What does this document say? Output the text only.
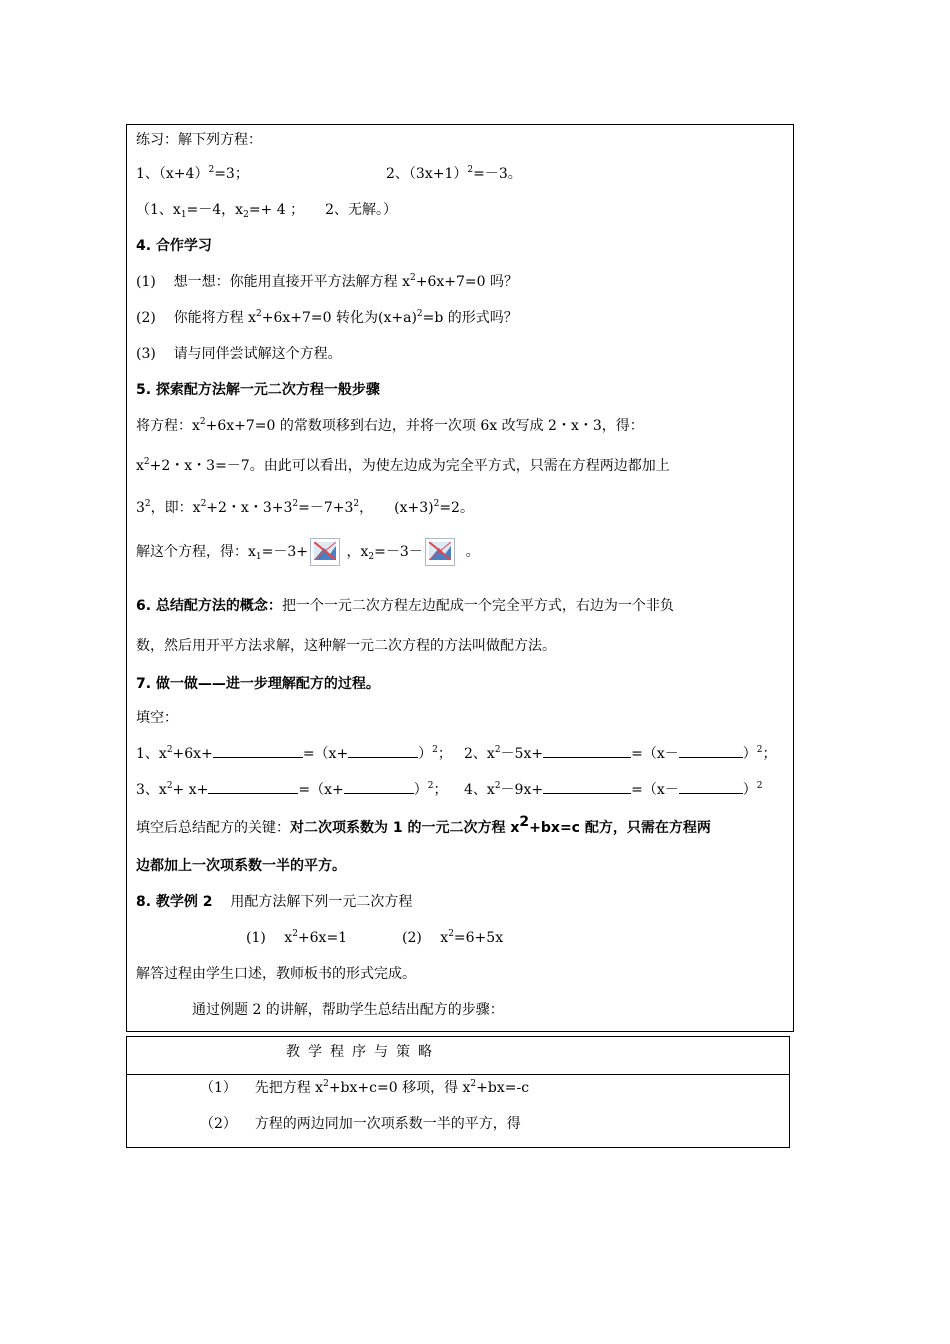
练习：解下列方程：
1、$(x+4)^2=3$；	2、$(3x+1)^2=-3$。
（1、$x_1=-4$，$x_2=+ 4$ ；　　2、无解。）
4. 合作学习
(1) 想一想：你能用直接开平方法解方程 $x^2+6x+7=0$ 吗？
(2) 你能将方程 $x^2+6x+7=0$ 转化为$(x+a)^2=b$ 的形式吗？
(3) 请与同伴尝试解这个方程。
5. 探索配方法解一元二次方程一般步骤
将方程：$x^2+6x+7=0$ 的常数项移到右边，并将一次项 6x 改写成 2・x・3，得：
$x^2+2$・x・3=－7。由此可以看出，为使左边成为完全平方式，只需在方程两边都加上
$3^2$，即：$x^2+2$・x・$3+3^2=-7+3^2$，　　$(x+3)^2=2$。
解这个方程，得：$x_1=-3+$	，$x_2=-3-$	。
6. 总结配方法的概念：把一个一元二次方程左边配成一个完全平方式，右边为一个非负
数，然后用开平方法求解，这种解一元二次方程的方法叫做配方法。
7. 做一做——进一步理解配方的过程。
填空：
1、$x^2+6x+$	=（x+	）$^2$； 2、$x^2-5x+$	=（x－	）$^2$；
3、$x^2+ x+$	=（x+	）$^2$； 4、$x^2-9x+$	=（x－	）$^2$
填空后总结配方的关键：对二次项系数为 1 的一元二次方程 $x^2+bx=c$ 配方，只需在方程两
边都加上一次项系数一半的平方。
8. 教学例 2 用配方法解下列一元二次方程
(1)　 $x^2+6x=1$	(2)　 $x^2=6+5x$
解答过程由学生口述，教师板书的形式完成。
通过例题 2 的讲解，帮助学生总结出配方的步骤：
教学程序与策略
（1） 先把方程 $x^2+bx+c=0$ 移项，得 $x^2+bx=-c$
（2） 方程的两边同加一次项系数一半的平方，得
